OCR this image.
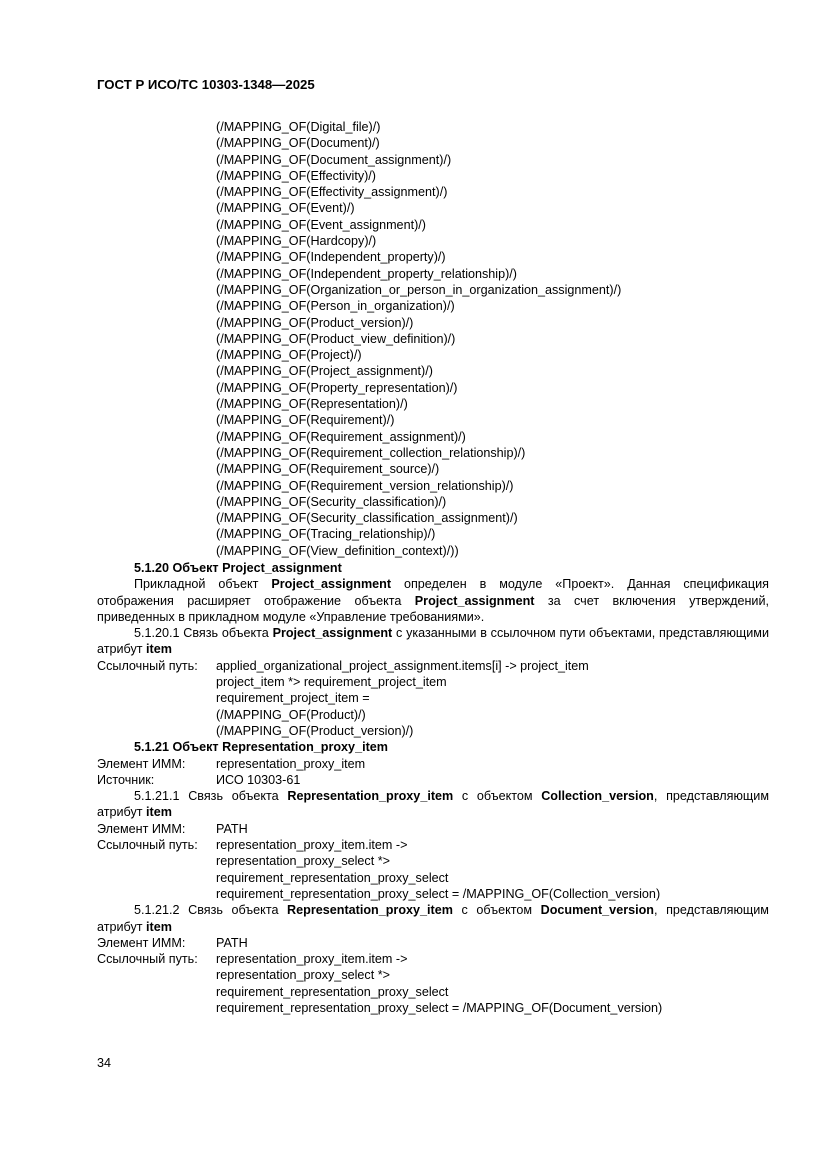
ГОСТ Р ИСО/ТС 10303-1348—2025
(/MAPPING_OF(Digital_file)/)
(/MAPPING_OF(Document)/)
(/MAPPING_OF(Document_assignment)/)
(/MAPPING_OF(Effectivity)/)
(/MAPPING_OF(Effectivity_assignment)/)
(/MAPPING_OF(Event)/)
(/MAPPING_OF(Event_assignment)/)
(/MAPPING_OF(Hardcopy)/)
(/MAPPING_OF(Independent_property)/)
(/MAPPING_OF(Independent_property_relationship)/)
(/MAPPING_OF(Organization_or_person_in_organization_assignment)/)
(/MAPPING_OF(Person_in_organization)/)
(/MAPPING_OF(Product_version)/)
(/MAPPING_OF(Product_view_definition)/)
(/MAPPING_OF(Project)/)
(/MAPPING_OF(Project_assignment)/)
(/MAPPING_OF(Property_representation)/)
(/MAPPING_OF(Representation)/)
(/MAPPING_OF(Requirement)/)
(/MAPPING_OF(Requirement_assignment)/)
(/MAPPING_OF(Requirement_collection_relationship)/)
(/MAPPING_OF(Requirement_source)/)
(/MAPPING_OF(Requirement_version_relationship)/)
(/MAPPING_OF(Security_classification)/)
(/MAPPING_OF(Security_classification_assignment)/)
(/MAPPING_OF(Tracing_relationship)/)
(/MAPPING_OF(View_definition_context)/))
5.1.20 Объект Project_assignment
Прикладной объект Project_assignment определен в модуле «Проект». Данная спецификация отображения расширяет отображение объекта Project_assignment за счет включения утверждений, приведенных в прикладном модуле «Управление требованиями».
5.1.20.1 Связь объекта Project_assignment с указанными в ссылочном пути объектами, представляющими атрибут item
Ссылочный путь:	applied_organizational_project_assignment.items[i] -> project_item
project_item *> requirement_project_item
requirement_project_item =
(/MAPPING_OF(Product)/)
(/MAPPING_OF(Product_version)/)
5.1.21 Объект Representation_proxy_item
Элемент ИММ:	representation_proxy_item
Источник:	ИСО 10303-61
5.1.21.1 Связь объекта Representation_proxy_item с объектом Collection_version, представляющим атрибут item
Элемент ИММ:	PATH
Ссылочный путь:	representation_proxy_item.item ->
representation_proxy_select *>
requirement_representation_proxy_select
requirement_representation_proxy_select = /MAPPING_OF(Collection_version)
5.1.21.2 Связь объекта Representation_proxy_item с объектом Document_version, представляющим атрибут item
Элемент ИММ:	PATH
Ссылочный путь:	representation_proxy_item.item ->
representation_proxy_select *>
requirement_representation_proxy_select
requirement_representation_proxy_select = /MAPPING_OF(Document_version)
34
